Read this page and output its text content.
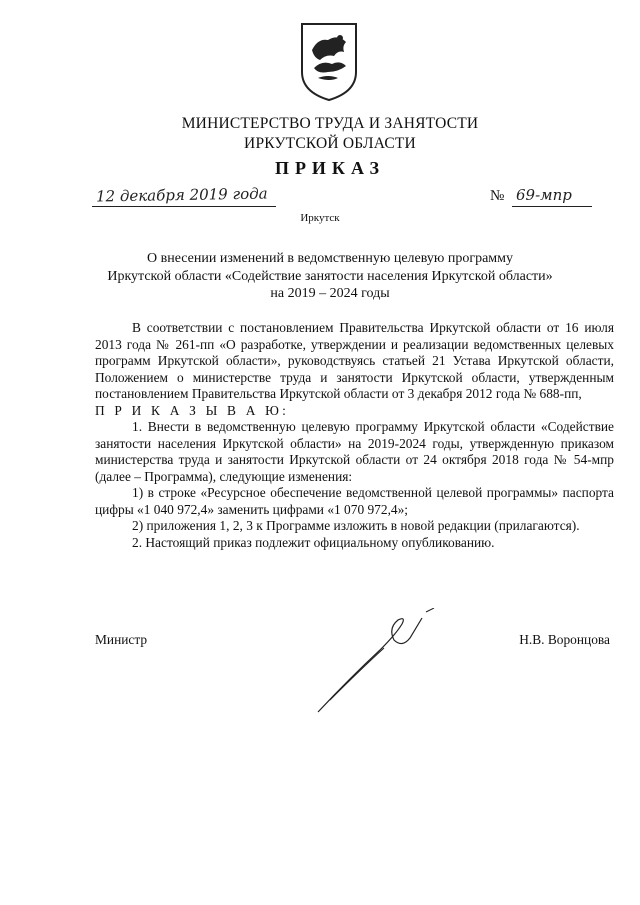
МИНИСТЕРСТВО ТРУДА И ЗАНЯТОСТИ
ИРКУТСКОЙ ОБЛАСТИ
ПРИКАЗ
12 декабря 2019 года	№ 69-мпр
Иркутск
О внесении изменений в ведомственную целевую программу
Иркутской области «Содействие занятости населения Иркутской области»
на 2019 – 2024 годы

В соответствии с постановлением Правительства Иркутской области от 16 июля 2013 года № 261-пп «О разработке, утверждении и реализации ведомственных целевых программ Иркутской области», руководствуясь статьей 21 Устава Иркутской области, Положением о министерстве труда и занятости Иркутской области, утвержденным постановлением Правительства Иркутской области от 3 декабря 2012 года № 688-пп,

П Р И К А З Ы В А Ю:

1. Внести в ведомственную целевую программу Иркутской области «Содействие занятости населения Иркутской области» на 2019-2024 годы, утвержденную приказом министерства труда и занятости Иркутской области от 24 октября 2018 года № 54-мпр (далее – Программа), следующие изменения:

1) в строке «Ресурсное обеспечение ведомственной целевой программы» паспорта цифры «1 040 972,4» заменить цифрами «1 070 972,4»;

2) приложения 1, 2, 3 к Программе изложить в новой редакции (прилагаются).

2. Настоящий приказ подлежит официальному опубликованию.

Министр	Н.В. Воронцова
